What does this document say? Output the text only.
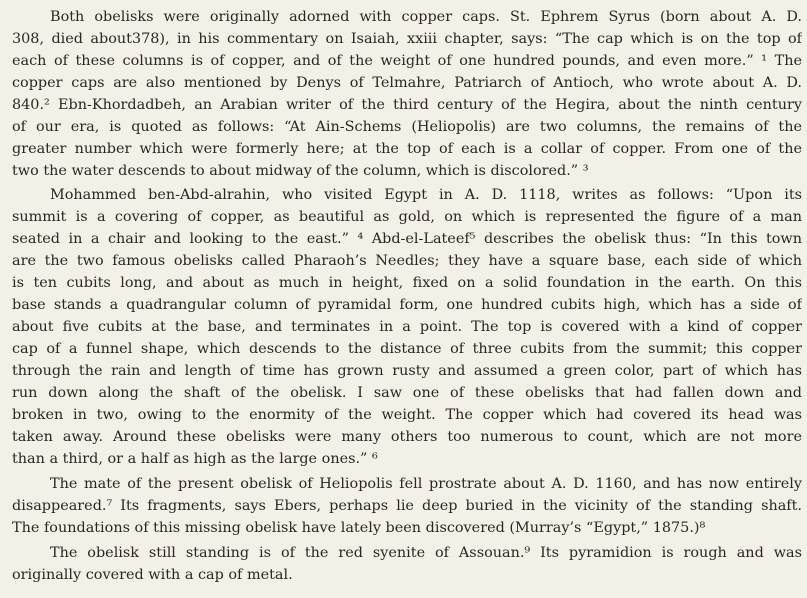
Both obelisks were originally adorned with copper caps. St. Ephrem Syrus (born about A. D.
308, died about378), in his commentary on Isaiah, xxiii chapter, says: “The cap which is on the top of
each of these columns is of copper, and of the weight of one hundred pounds, and even more.” ¹ The
copper caps are also mentioned by Denys of Telmahre, Patriarch of Antioch, who wrote about A. D.
840.² Ebn-Khordadbeh, an Arabian writer of the third century of the Hegira, about the ninth century
of our era, is quoted as follows: “At Ain-Schems (Heliopolis) are two columns, the remains of the
greater number which were formerly here; at the top of each is a collar of copper. From one of the
two the water descends to about midway of the column, which is discolored.” ³
Mohammed ben-Abd-alrahin, who visited Egypt in A. D. 1118, writes as follows: “Upon its
summit is a covering of copper, as beautiful as gold, on which is represented the figure of a man
seated in a chair and looking to the east.” ⁴ Abd-el-Lateef⁵ describes the obelisk thus: “In this town
are the two famous obelisks called Pharaoh’s Needles; they have a square base, each side of which
is ten cubits long, and about as much in height, fixed on a solid foundation in the earth. On this
base stands a quadrangular column of pyramidal form, one hundred cubits high, which has a side of
about five cubits at the base, and terminates in a point. The top is covered with a kind of copper
cap of a funnel shape, which descends to the distance of three cubits from the summit; this copper
through the rain and length of time has grown rusty and assumed a green color, part of which has
run down along the shaft of the obelisk. I saw one of these obelisks that had fallen down and
broken in two, owing to the enormity of the weight. The copper which had covered its head was
taken away. Around these obelisks were many others too numerous to count, which are not more
than a third, or a half as high as the large ones.” ⁶
The mate of the present obelisk of Heliopolis fell prostrate about A. D. 1160, and has now entirely
disappeared.⁷ Its fragments, says Ebers, perhaps lie deep buried in the vicinity of the standing shaft.
The foundations of this missing obelisk have lately been discovered (Murray’s “Egypt,” 1875.)⁸
The obelisk still standing is of the red syenite of Assouan.⁹ Its pyramidion is rough and was
originally covered with a cap of metal.
